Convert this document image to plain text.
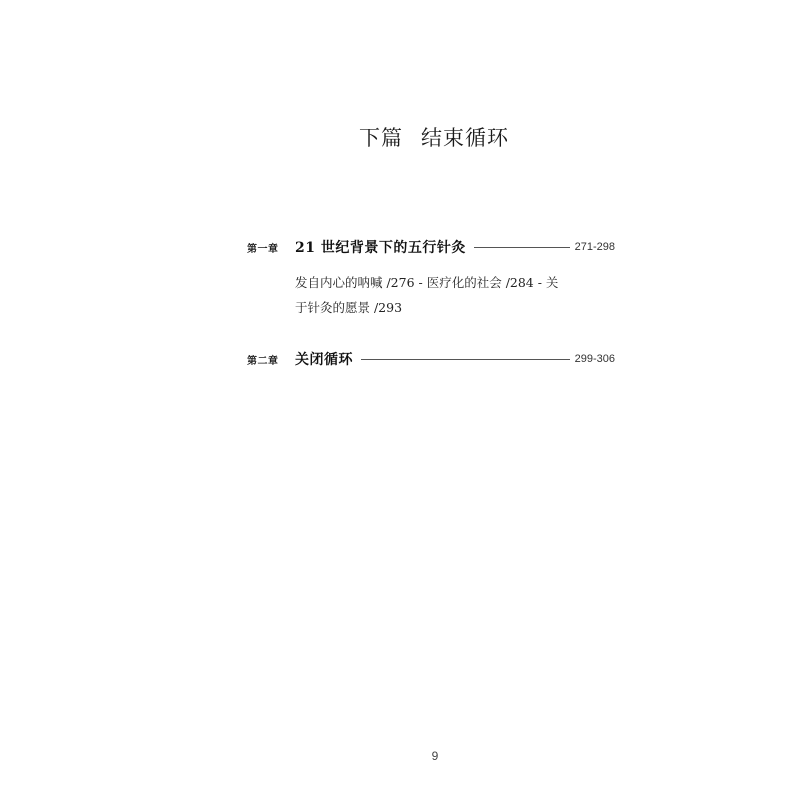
下篇 结束循环
第一章	21 世纪背景下的五行针灸	271-298
发自内心的呐喊 /276 - 医疗化的社会 /284 - 关
于针灸的愿景 /293
第二章	关闭循环	299-306
9
